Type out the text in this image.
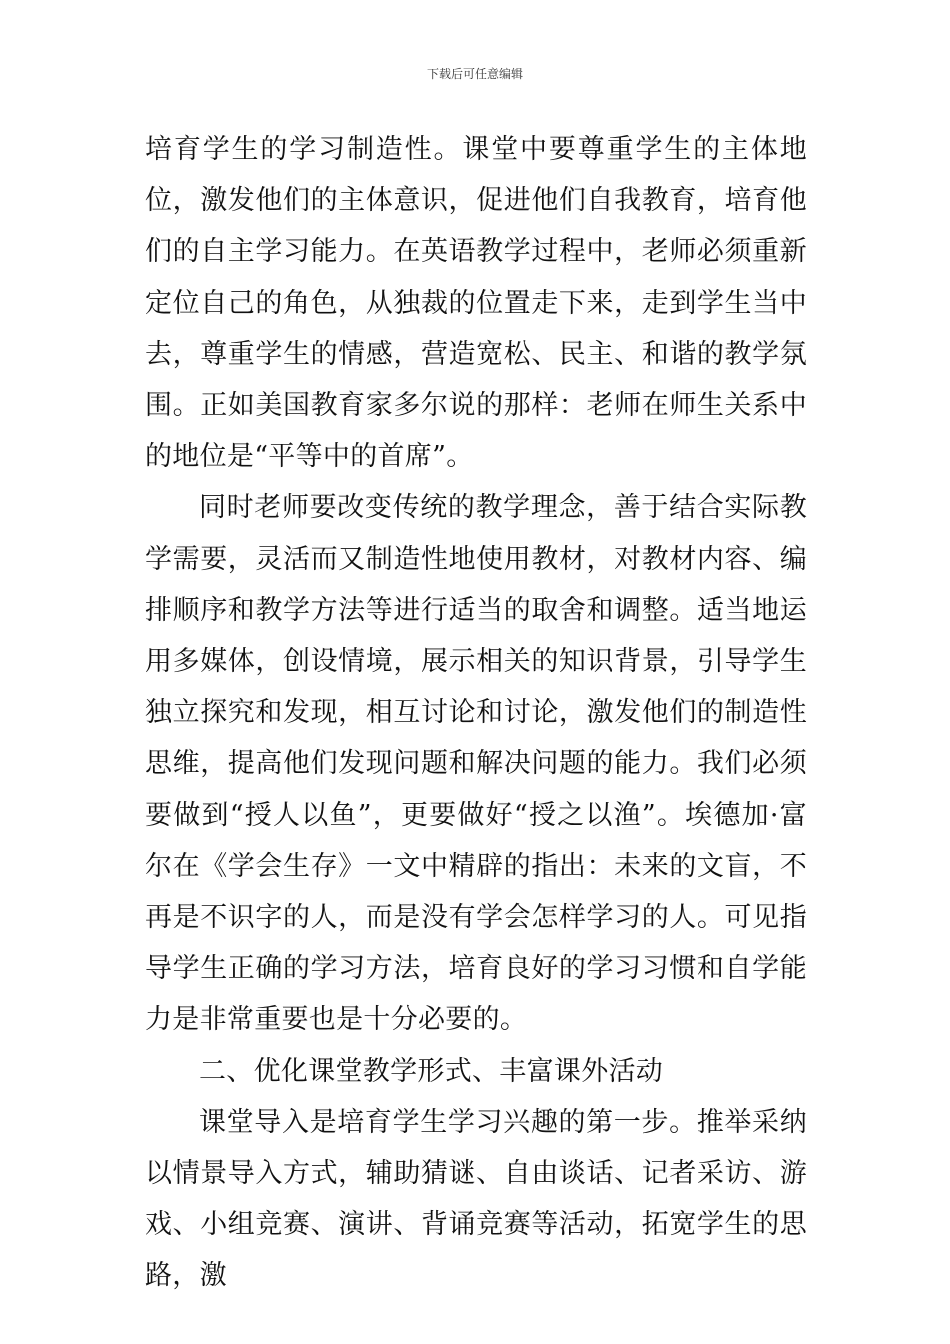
下载后可任意编辑

培育学生的学习制造性。课堂中要尊重学生的主体地位，激发他们的主体意识，促进他们自我教育，培育他们的自主学习能力。在英语教学过程中，老师必须重新定位自己的角色，从独裁的位置走下来，走到学生当中去，尊重学生的情感，营造宽松、民主、和谐的教学氛围。正如美国教育家多尔说的那样：老师在师生关系中的地位是“平等中的首席”。

同时老师要改变传统的教学理念，善于结合实际教学需要，灵活而又制造性地使用教材，对教材内容、编排顺序和教学方法等进行适当的取舍和调整。适当地运用多媒体，创设情境，展示相关的知识背景，引导学生独立探究和发现，相互讨论和讨论，激发他们的制造性思维，提高他们发现问题和解决问题的能力。我们必须要做到“授人以鱼”，更要做好“授之以渔”。埃德加·富尔在《学会生存》一文中精辟的指出：未来的文盲，不再是不识字的人，而是没有学会怎样学习的人。可见指导学生正确的学习方法，培育良好的学习习惯和自学能力是非常重要也是十分必要的。

二、优化课堂教学形式、丰富课外活动

课堂导入是培育学生学习兴趣的第一步。推举采纳以情景导入方式，辅助猜谜、自由谈话、记者采访、游戏、小组竞赛、演讲、背诵竞赛等活动，拓宽学生的思路，激
